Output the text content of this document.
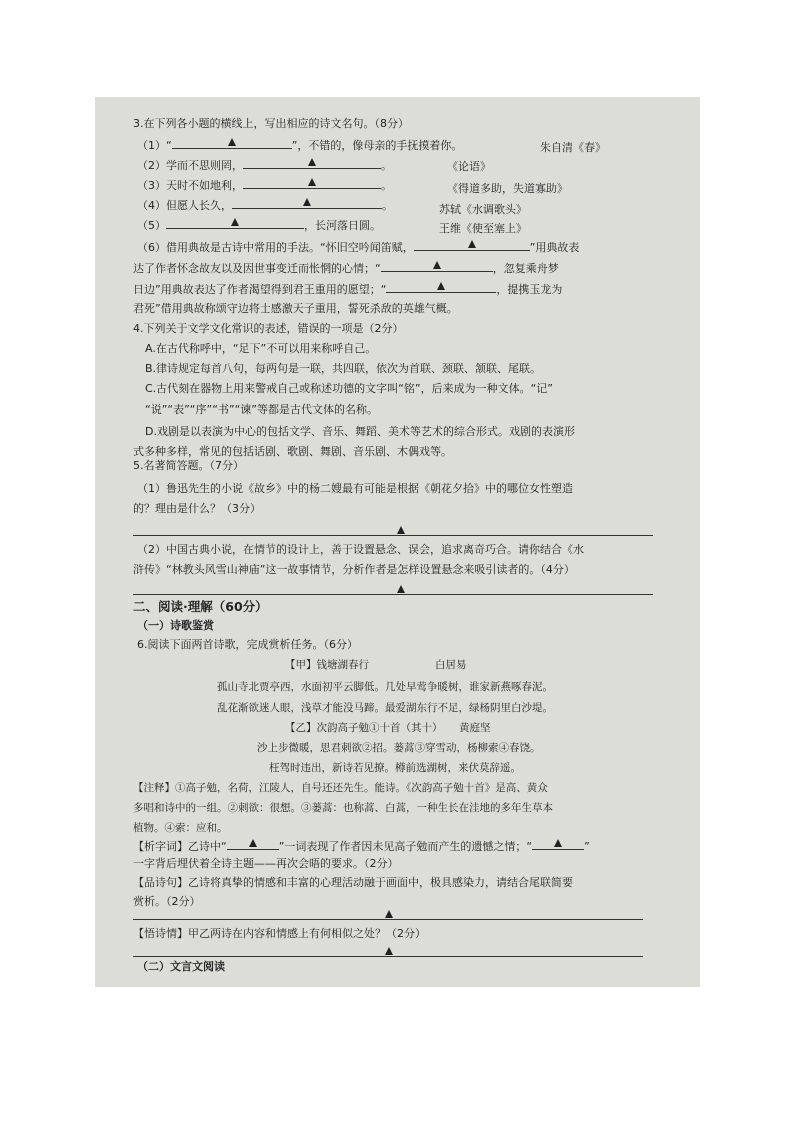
3.在下列各小题的横线上，写出相应的诗文名句。（8分）
（1）“	”，不错的，像母亲的手抚摸着你。	朱自清《春》
（2）学而不思则罔，	。	《论语》
（3）天时不如地利，	。	《得道多助，失道寡助》
（4）但愿人长久，	。	苏轼《水调歌头》
（5）	，长河落日圆。	王维《使至塞上》
（6）借用典故是古诗中常用的手法。“怀旧空吟闻笛赋，	”用典故表
达了作者怀念故友以及因世事变迁而怅惘的心情；“	，忽复乘舟梦
日边”用典故表达了作者渴望得到君王重用的愿望；“	，提携玉龙为
君死”借用典故称颂守边将士感激天子重用，誓死杀敌的英雄气概。
4.下列关于文学文化常识的表述，错误的一项是（2分）
A.在古代称呼中，“足下”不可以用来称呼自己。
B.律诗规定每首八句，每两句是一联，共四联，依次为首联、颈联、颔联、尾联。
C.古代刻在器物上用来警戒自己或称述功德的文字叫“铭”，后来成为一种文体。“记”
“说”“表”“序”“书”“谏”等都是古代文体的名称。
D.戏剧是以表演为中心的包括文学、音乐、舞蹈、美术等艺术的综合形式。戏剧的表演形
式多种多样，常见的包括话剧、歌剧、舞剧、音乐剧、木偶戏等。
5.名著简答题。（7分）
（1）鲁迅先生的小说《故乡》中的杨二嫂最有可能是根据《朝花夕拾》中的哪位女性塑造
的？理由是什么？（3分）
（2）中国古典小说，在情节的设计上，善于设置悬念、误会，追求离奇巧合。请你结合《水
浒传》“林教头风雪山神庙”这一故事情节，分析作者是怎样设置悬念来吸引读者的。（4分）
二、阅读·理解（60分）
（一）诗歌鉴赏
6.阅读下面两首诗歌，完成赏析任务。（6分）
【甲】钱塘湖春行	白居易
孤山寺北贾亭西，水面初平云脚低。几处早莺争暖树，谁家新燕啄春泥。
乱花渐欲迷人眼，浅草才能没马蹄。最爱湖东行不足，绿杨阴里白沙堤。
【乙】次韵高子勉①十首（其十） 黄庭坚
沙上步微暖，思君刺欲②招。蒌蒿③穿雪动，杨柳索④春饶。
枉驾时违出，新诗若见撩。樽前选湖树，来伏莫辞遥。
【注释】①高子勉，名荷，江陵人，自号还还先生。能诗。《次韵高子勉十首》是高、黄众
多唱和诗中的一组。②刺欲：很想。③蒌蒿：也称蒿、白蒿，一种生长在洼地的多年生草本
植物。④索：应和。
【析字词】乙诗中“	”一词表现了作者因未见高子勉而产生的遗憾之情；“	”
一字背后埋伏着全诗主题——再次会晤的要求。（2分）
【品诗句】乙诗将真挚的情感和丰富的心理活动融于画面中，极具感染力，请结合尾联简要
赏析。（2分）
【悟诗情】甲乙两诗在内容和情感上有何相似之处？（2分）
（二）文言文阅读
